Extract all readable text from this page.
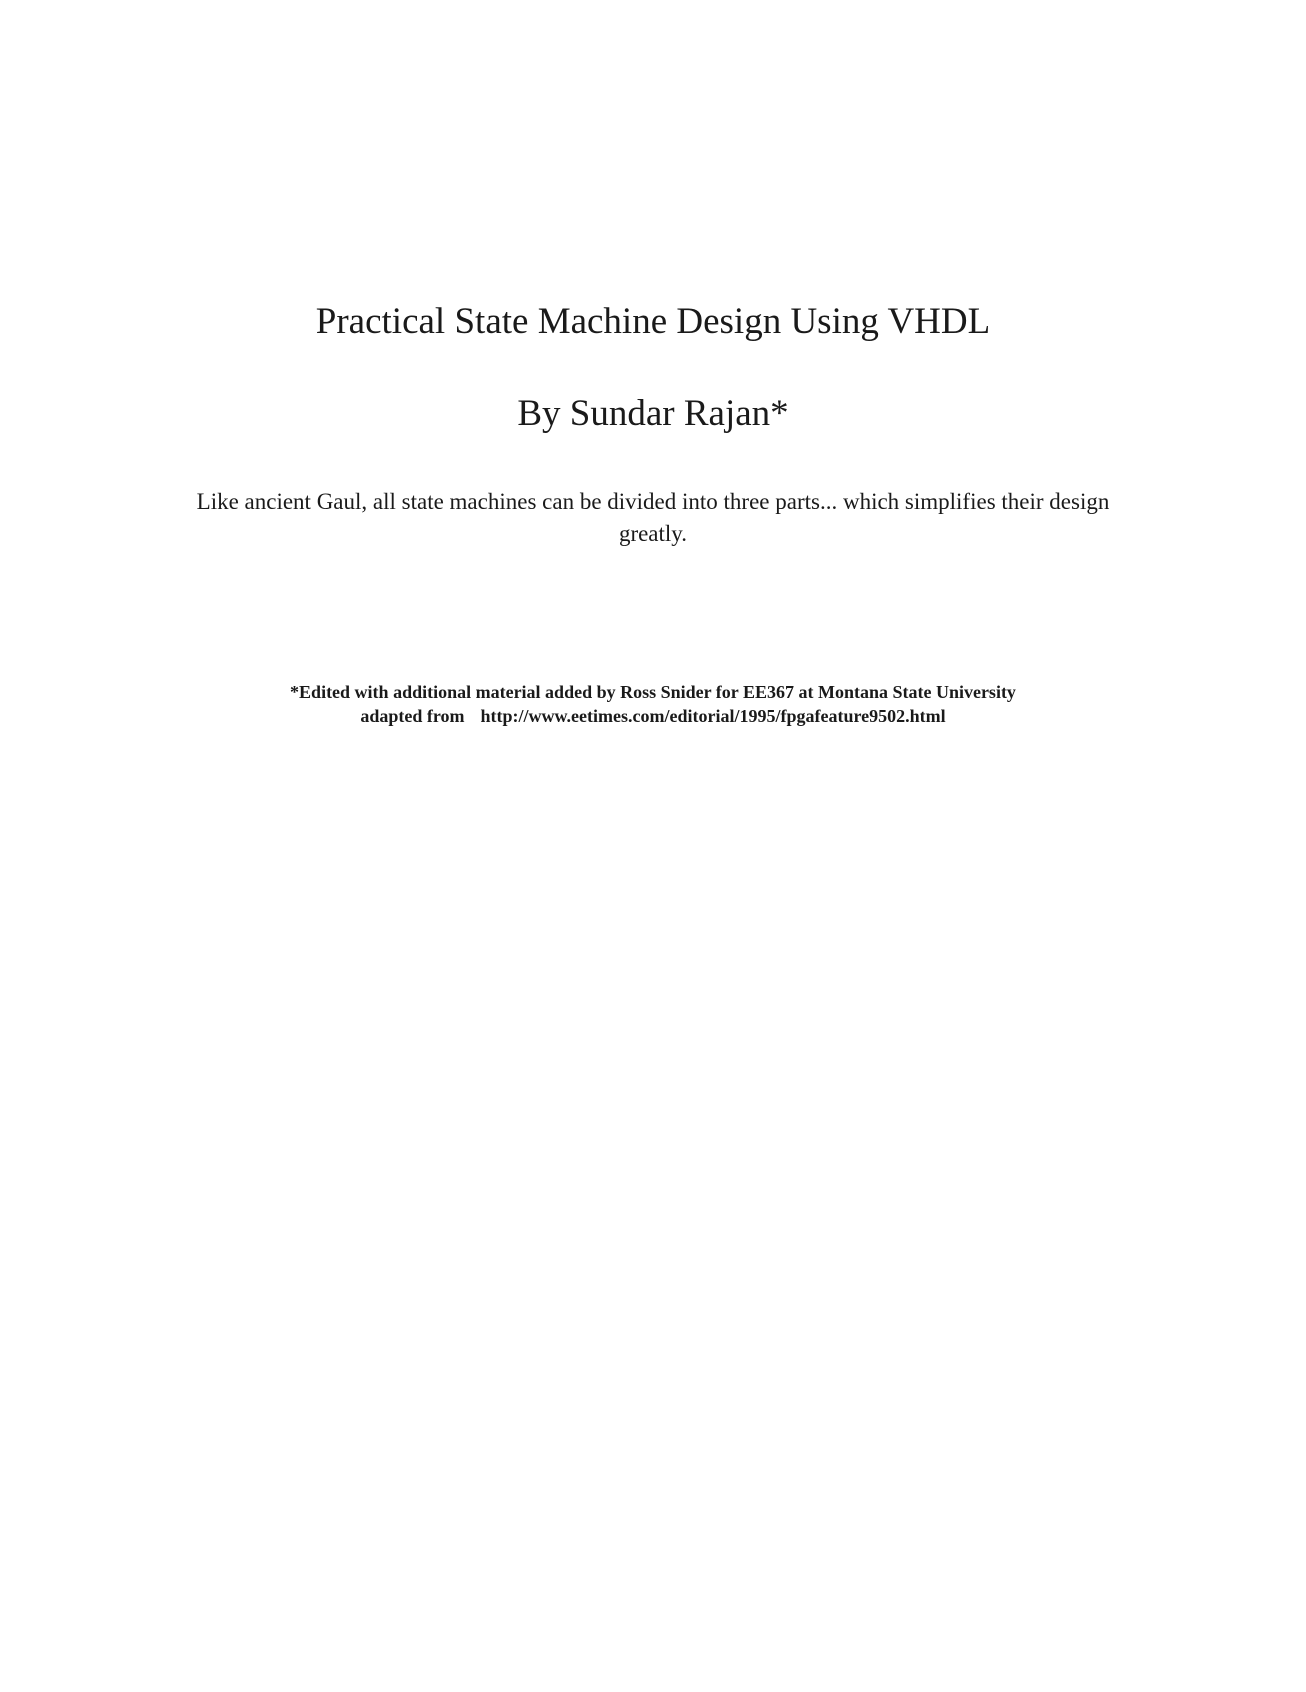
Practical State Machine Design Using VHDL

By Sundar Rajan*

Like ancient Gaul, all state machines can be divided into three parts... which simplifies their design greatly.

*Edited with additional material added by Ross Snider for EE367 at Montana State University
adapted from http://www.eetimes.com/editorial/1995/fpgafeature9502.html
